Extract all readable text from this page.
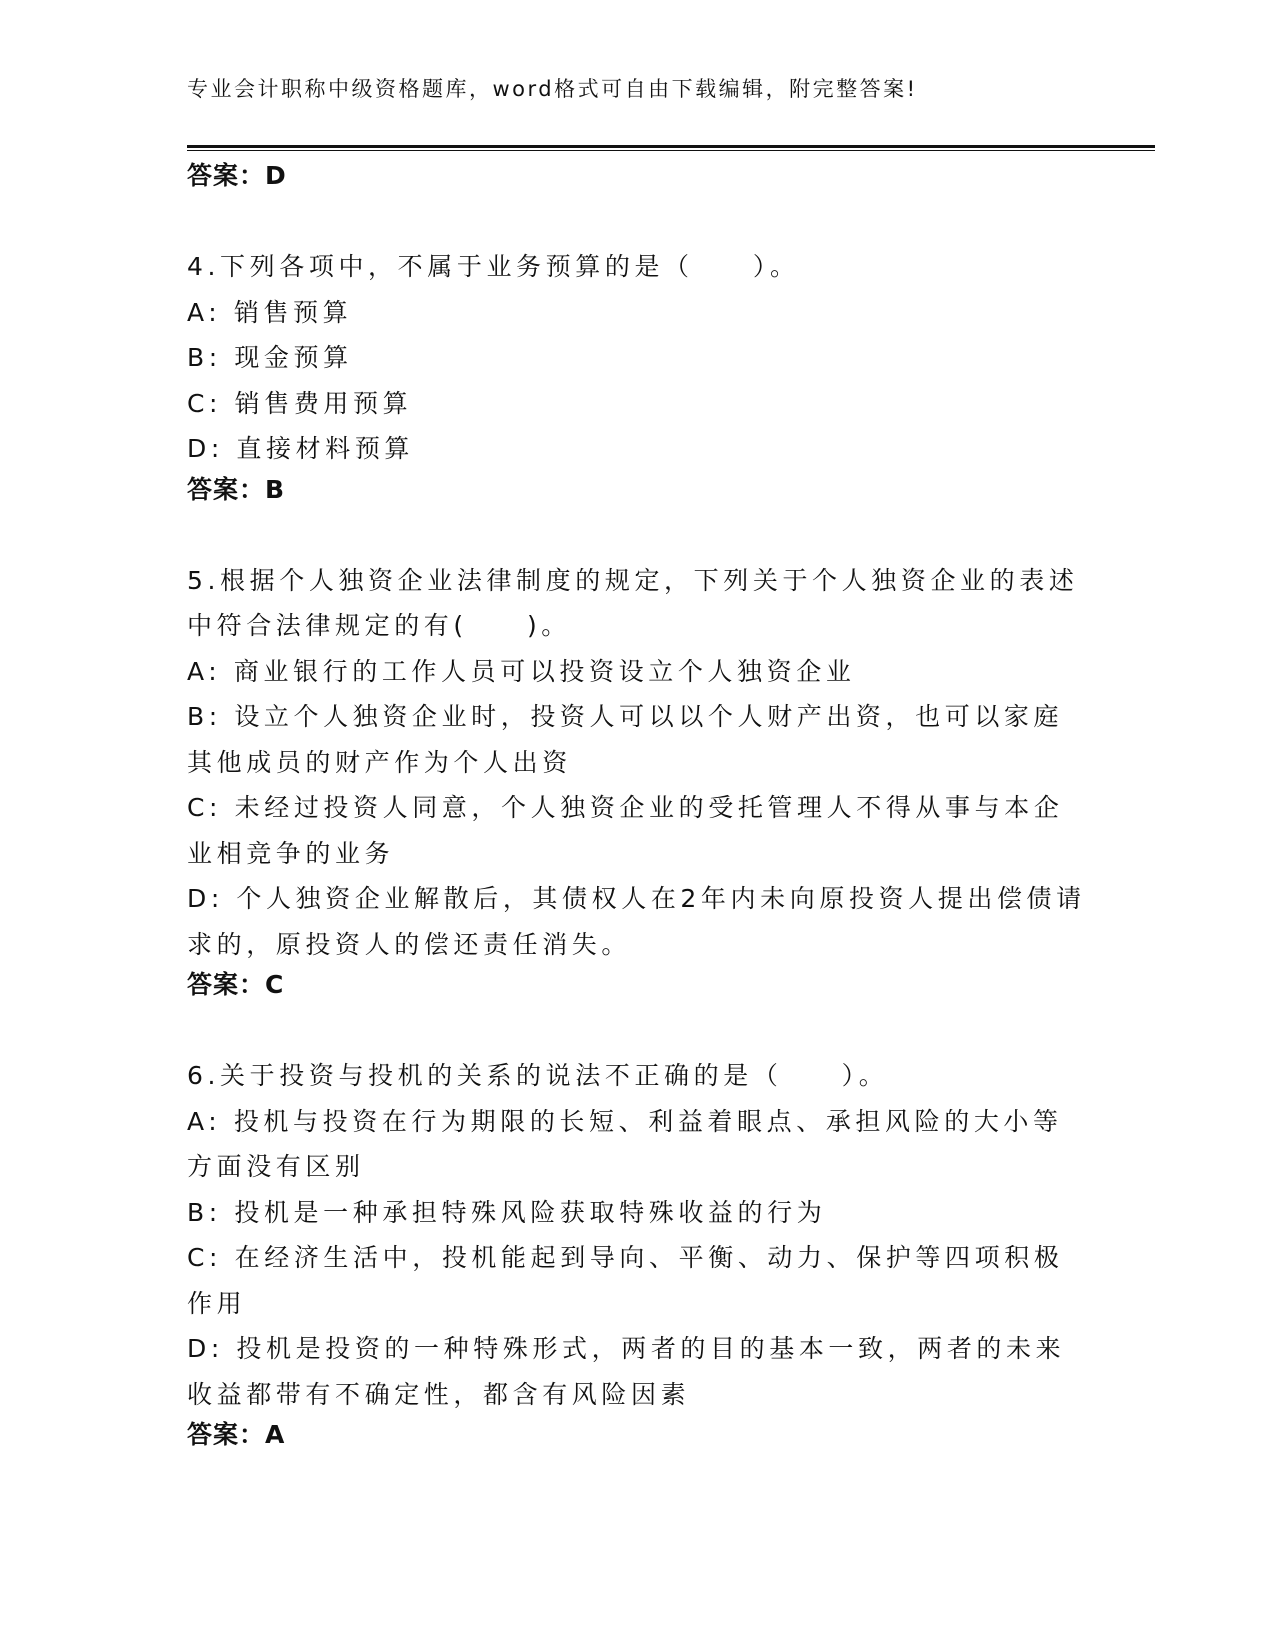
专业会计职称中级资格题库，word格式可自由下载编辑，附完整答案!
答案：D

4.下列各项中，不属于业务预算的是（　　）。

A: 销售预算

B: 现金预算

C: 销售费用预算

D: 直接材料预算

答案：B

5.根据个人独资企业法律制度的规定，下列关于个人独资企业的表述中符合法律规定的有(　　)。

A: 商业银行的工作人员可以投资设立个人独资企业

B: 设立个人独资企业时，投资人可以以个人财产出资，也可以家庭其他成员的财产作为个人出资

C: 未经过投资人同意，个人独资企业的受托管理人不得从事与本企业相竞争的业务

D: 个人独资企业解散后，其债权人在2年内未向原投资人提出偿债请求的，原投资人的偿还责任消失。

答案：C

6.关于投资与投机的关系的说法不正确的是（　　）。

A: 投机与投资在行为期限的长短、利益着眼点、承担风险的大小等方面没有区别

B: 投机是一种承担特殊风险获取特殊收益的行为

C: 在经济生活中，投机能起到导向、平衡、动力、保护等四项积极作用

D: 投机是投资的一种特殊形式，两者的目的基本一致，两者的未来收益都带有不确定性，都含有风险因素

答案：A
